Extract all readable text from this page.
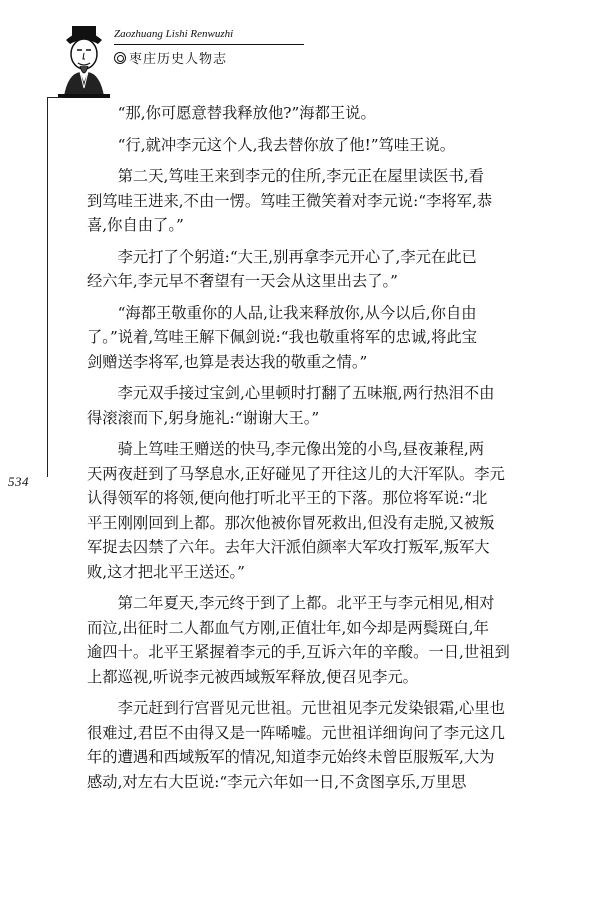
Zaozhuang Lishi Renwuzhi
枣庄历史人物志
534
　　“那,你可愿意替我释放他?”海都王说。
　　“行,就冲李元这个人,我去替你放了他!”笃哇王说。
　　第二天,笃哇王来到李元的住所,李元正在屋里读医书,看
到笃哇王进来,不由一愣。笃哇王微笑着对李元说:“李将军,恭
喜,你自由了。”
　　李元打了个躬道:“大王,别再拿李元开心了,李元在此已
经六年,李元早不奢望有一天会从这里出去了。”
　　“海都王敬重你的人品,让我来释放你,从今以后,你自由
了。”说着,笃哇王解下佩剑说:“我也敬重将军的忠诚,将此宝
剑赠送李将军,也算是表达我的敬重之情。”
　　李元双手接过宝剑,心里顿时打翻了五味瓶,两行热泪不由
得滚滚而下,躬身施礼:“谢谢大王。”
　　骑上笃哇王赠送的快马,李元像出笼的小鸟,昼夜兼程,两
天两夜赶到了马孥息水,正好碰见了开往这儿的大汗军队。李元
认得领军的将领,便向他打听北平王的下落。那位将军说:“北
平王刚刚回到上都。那次他被你冒死救出,但没有走脱,又被叛
军捉去囚禁了六年。去年大汗派伯颜率大军攻打叛军,叛军大
败,这才把北平王送还。”
　　第二年夏天,李元终于到了上都。北平王与李元相见,相对
而泣,出征时二人都血气方刚,正值壮年,如今却是两鬓斑白,年
逾四十。北平王紧握着李元的手,互诉六年的辛酸。一日,世祖到
上都巡视,听说李元被西域叛军释放,便召见李元。
　　李元赶到行宫晋见元世祖。元世祖见李元发染银霜,心里也
很难过,君臣不由得又是一阵唏嘘。元世祖详细询问了李元这几
年的遭遇和西域叛军的情况,知道李元始终未曾臣服叛军,大为
感动,对左右大臣说:“李元六年如一日,不贪图享乐,万里思
